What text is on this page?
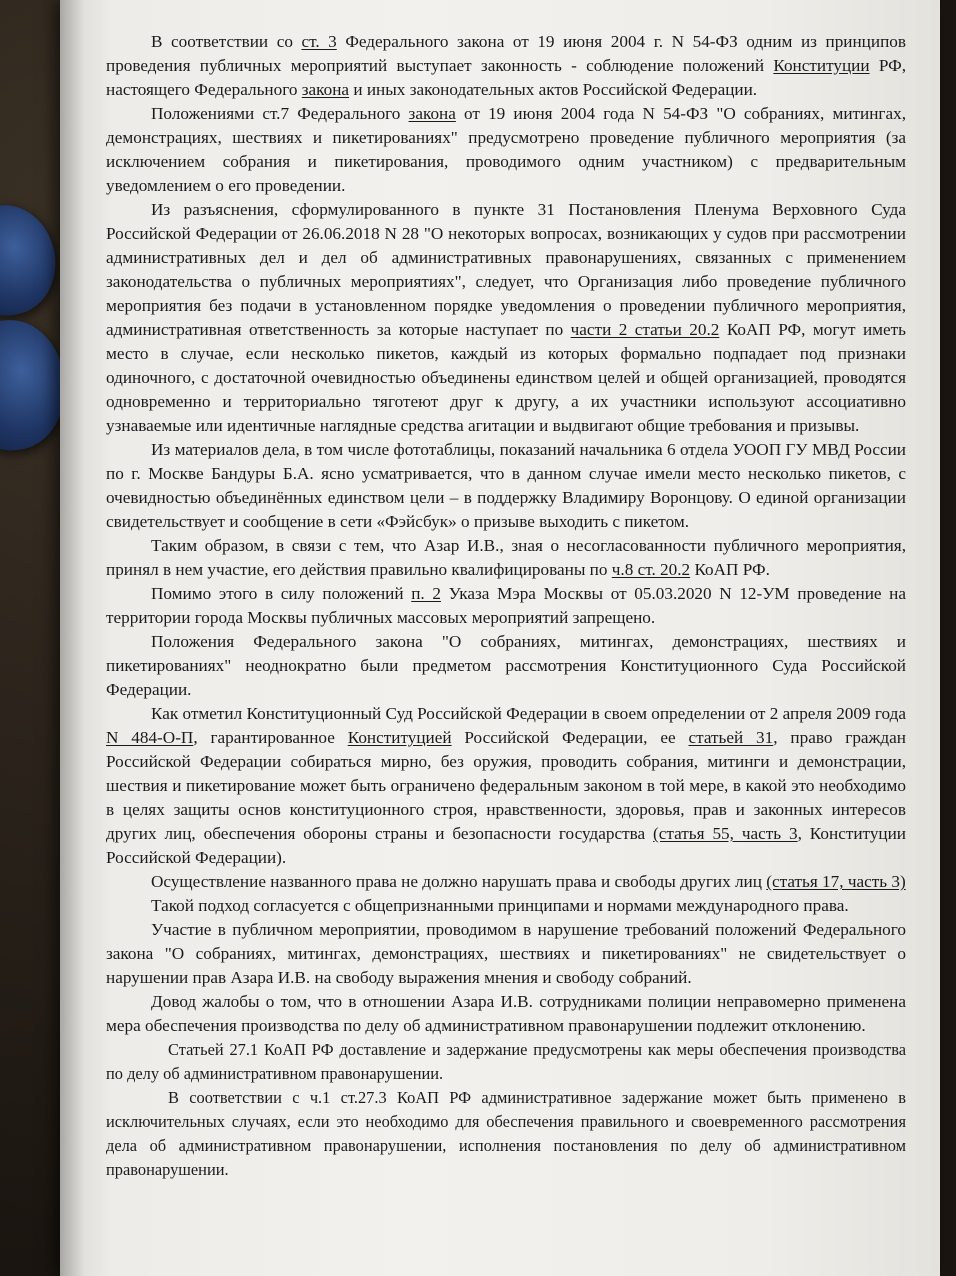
В соответствии со ст. 3 Федерального закона от 19 июня 2004 г. N 54-ФЗ одним из принципов проведения публичных мероприятий выступает законность - соблюдение положений Конституции РФ, настоящего Федерального закона и иных законодательных актов Российской Федерации.

Положениями ст.7 Федерального закона от 19 июня 2004 года N 54-ФЗ "О собраниях, митингах, демонстрациях, шествиях и пикетированиях" предусмотрено проведение публичного мероприятия (за исключением собрания и пикетирования, проводимого одним участником) с предварительным уведомлением о его проведении.

Из разъяснения, сформулированного в пункте 31 Постановления Пленума Верховного Суда Российской Федерации от 26.06.2018 N 28 "О некоторых вопросах, возникающих у судов при рассмотрении административных дел и дел об административных правонарушениях, связанных с применением законодательства о публичных мероприятиях", следует, что Организация либо проведение публичного мероприятия без подачи в установленном порядке уведомления о проведении публичного мероприятия, административная ответственность за которые наступает по части 2 статьи 20.2 КоАП РФ, могут иметь место в случае, если несколько пикетов, каждый из которых формально подпадает под признаки одиночного, с достаточной очевидностью объединены единством целей и общей организацией, проводятся одновременно и территориально тяготеют друг к другу, а их участники используют ассоциативно узнаваемые или идентичные наглядные средства агитации и выдвигают общие требования и призывы.

Из материалов дела, в том числе фототаблицы, показаний начальника 6 отдела УООП ГУ МВД России по г. Москве Бандуры Б.А. ясно усматривается, что в данном случае имели место несколько пикетов, с очевидностью объединённых единством цели – в поддержку Владимиру Воронцову. О единой организации свидетельствует и сообщение в сети «Фэйсбук» о призыве выходить с пикетом.

Таким образом, в связи с тем, что Азар И.В., зная о несогласованности публичного мероприятия, принял в нем участие, его действия правильно квалифицированы по ч.8 ст. 20.2 КоАП РФ.

Помимо этого в силу положений п. 2 Указа Мэра Москвы от 05.03.2020 N 12-УМ проведение на территории города Москвы публичных массовых мероприятий запрещено.

Положения Федерального закона "О собраниях, митингах, демонстрациях, шествиях и пикетированиях" неоднократно были предметом рассмотрения Конституционного Суда Российской Федерации.

Как отметил Конституционный Суд Российской Федерации в своем определении от 2 апреля 2009 года N 484-О-П, гарантированное Конституцией Российской Федерации, ее статьей 31, право граждан Российской Федерации собираться мирно, без оружия, проводить собрания, митинги и демонстрации, шествия и пикетирование может быть ограничено федеральным законом в той мере, в какой это необходимо в целях защиты основ конституционного строя, нравственности, здоровья, прав и законных интересов других лиц, обеспечения обороны страны и безопасности государства (статья 55, часть 3, Конституции Российской Федерации).

Осуществление названного права не должно нарушать права и свободы других лиц (статья 17, часть 3)

Такой подход согласуется с общепризнанными принципами и нормами международного права.

Участие в публичном мероприятии, проводимом в нарушение требований положений Федерального закона "О собраниях, митингах, демонстрациях, шествиях и пикетированиях" не свидетельствует о нарушении прав Азара И.В. на свободу выражения мнения и свободу собраний.

Довод жалобы о том, что в отношении Азара И.В. сотрудниками полиции неправомерно применена мера обеспечения производства по делу об административном правонарушении подлежит отклонению.

Статьей 27.1 КоАП РФ доставление и задержание предусмотрены как меры обеспечения производства по делу об административном правонарушении.

В соответствии с ч.1 ст.27.3 КоАП РФ административное задержание может быть применено в исключительных случаях, если это необходимо для обеспечения правильного и своевременного рассмотрения дела об административном правонарушении, исполнения постановления по делу об административном правонарушении.
